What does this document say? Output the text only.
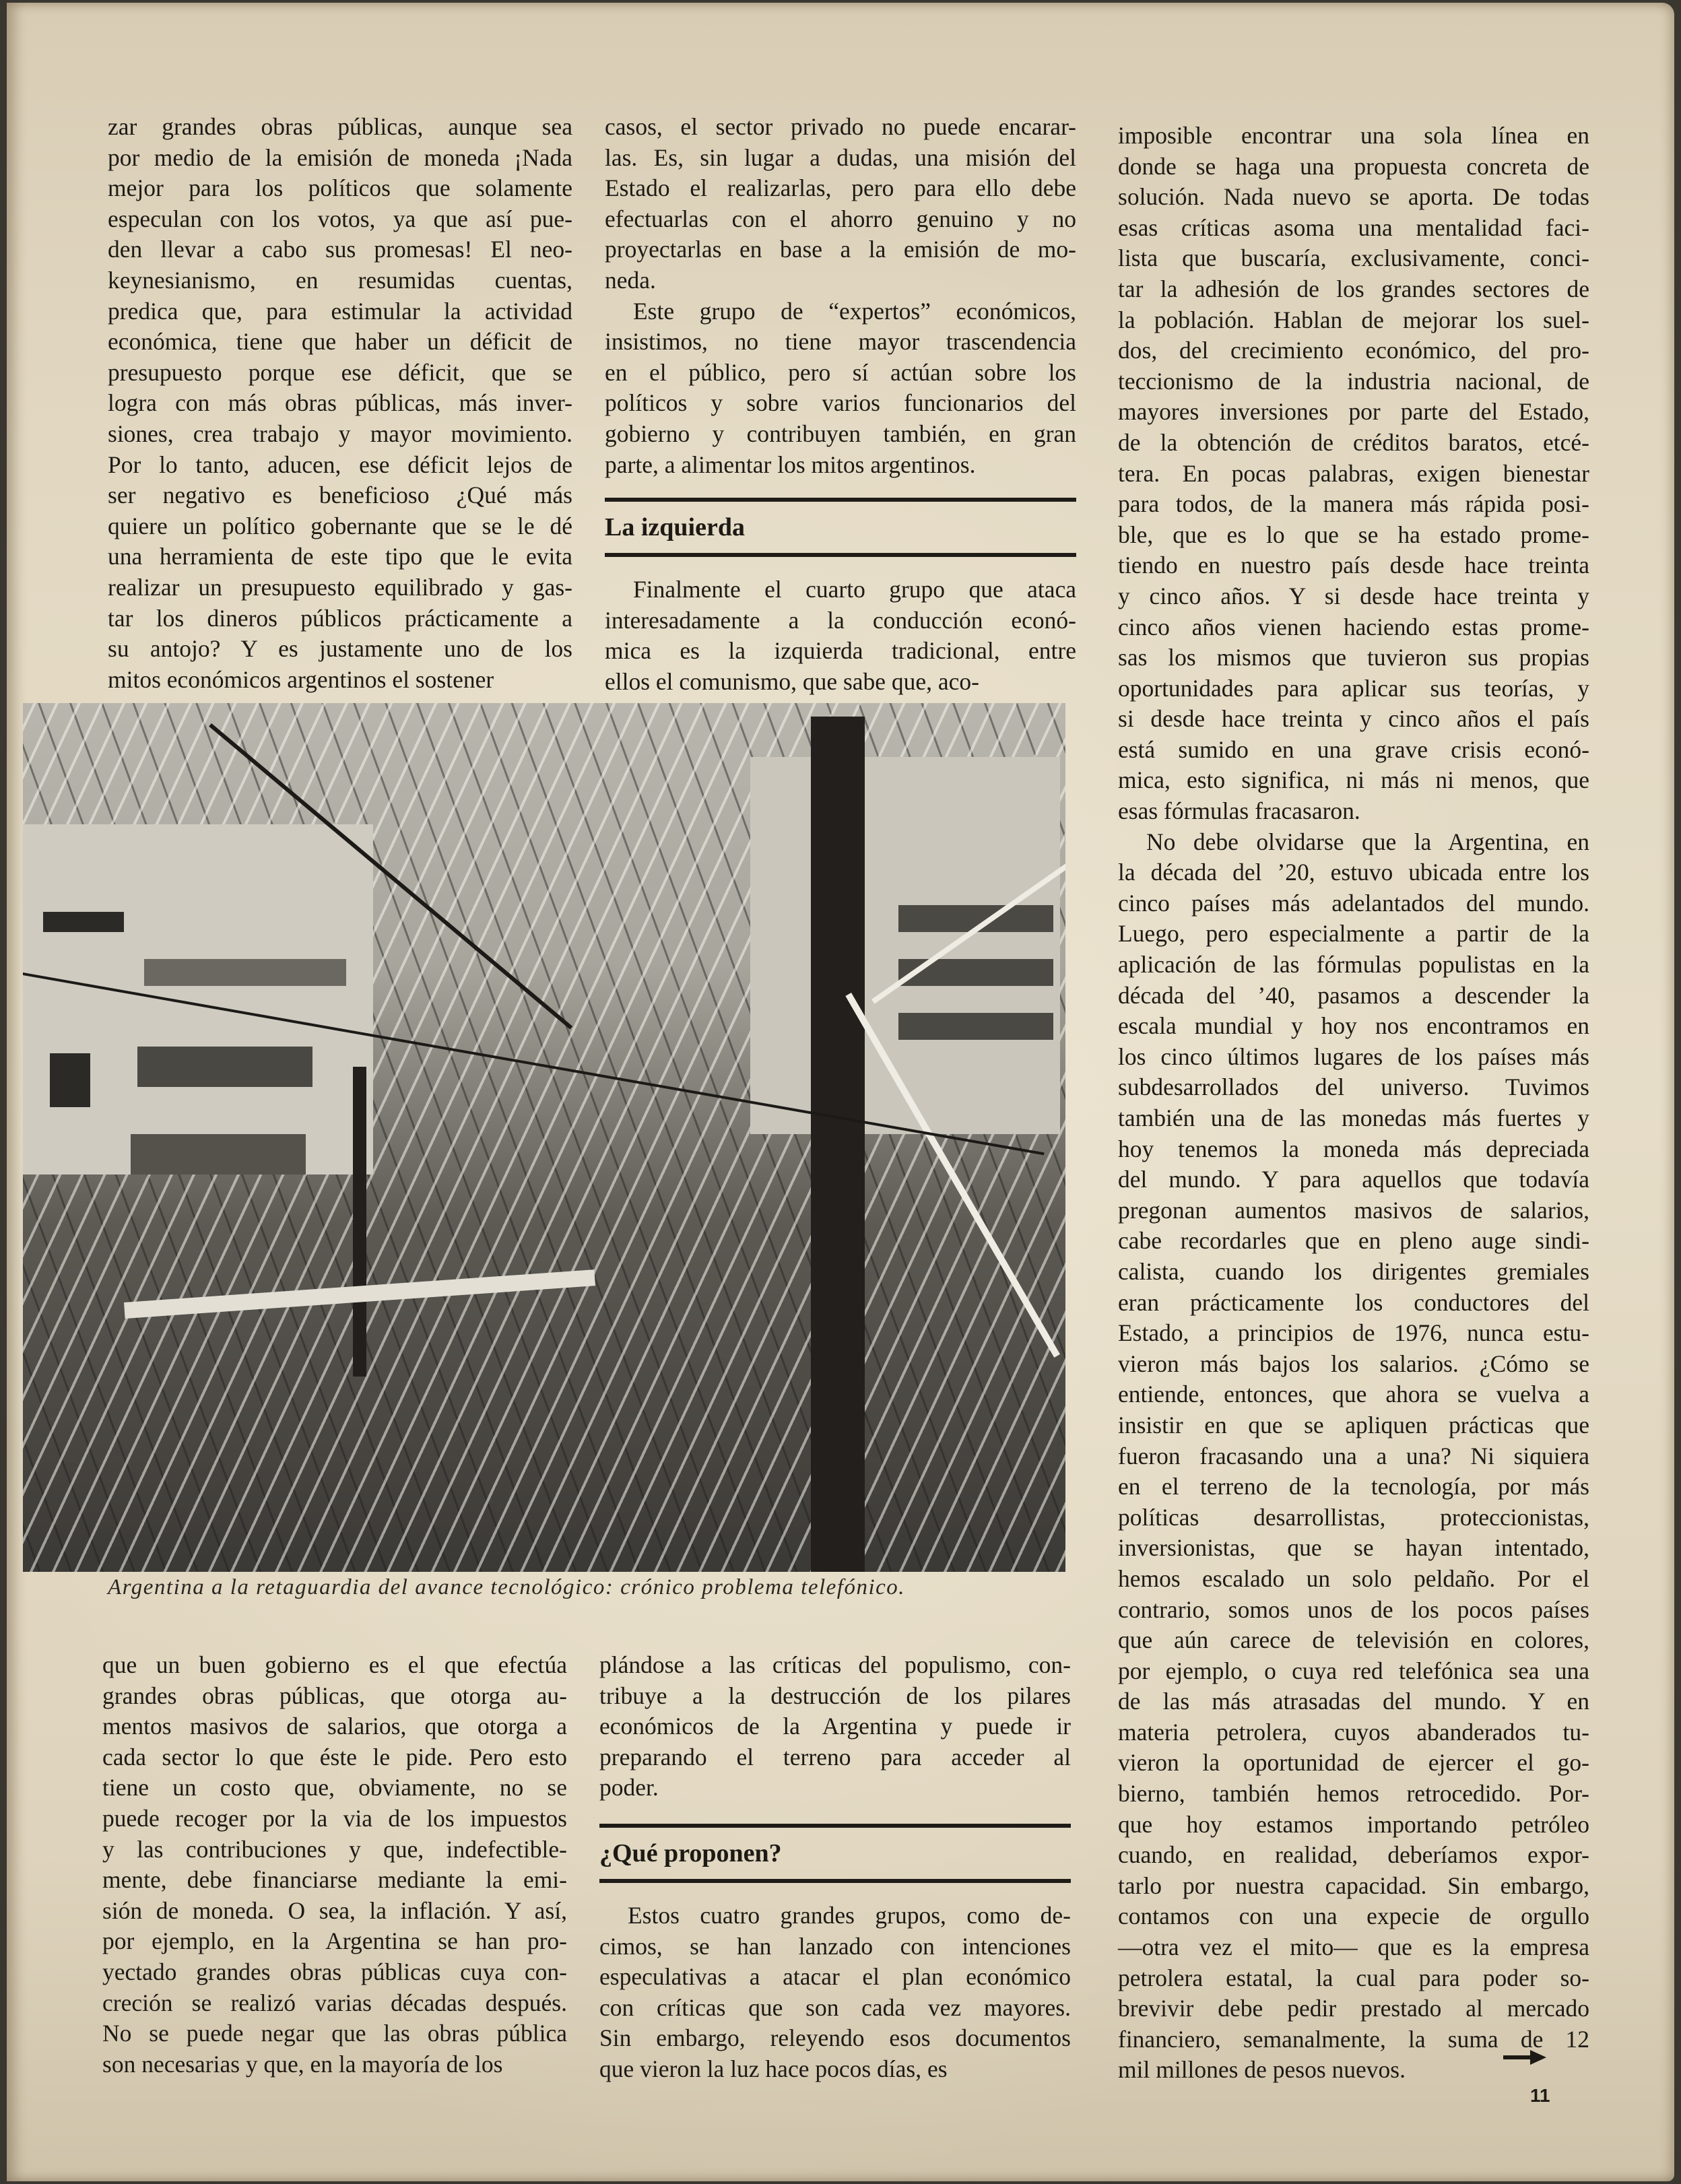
zar grandes obras públicas, aunque sea
por medio de la emisión de moneda ¡Nada
mejor para los políticos que solamente
especulan con los votos, ya que así pue-
den llevar a cabo sus promesas! El neo-
keynesianismo, en resumidas cuentas,
predica que, para estimular la actividad
económica, tiene que haber un déficit de
presupuesto porque ese déficit, que se
logra con más obras públicas, más inver-
siones, crea trabajo y mayor movimiento.
Por lo tanto, aducen, ese déficit lejos de
ser negativo es beneficioso ¿Qué más
quiere un político gobernante que se le dé
una herramienta de este tipo que le evita
realizar un presupuesto equilibrado y gas-
tar los dineros públicos prácticamente a
su antojo? Y es justamente uno de los
mitos económicos argentinos el sostener

casos, el sector privado no puede encarar-
las. Es, sin lugar a dudas, una misión del
Estado el realizarlas, pero para ello debe
efectuarlas con el ahorro genuino y no
proyectarlas en base a la emisión de mo-
neda.

Este grupo de “expertos” económicos,
insistimos, no tiene mayor trascendencia
en el público, pero sí actúan sobre los
políticos y sobre varios funcionarios del
gobierno y contribuyen también, en gran
parte, a alimentar los mitos argentinos.

La izquierda

Finalmente el cuarto grupo que ataca
interesadamente a la conducción econó-
mica es la izquierda tradicional, entre
ellos el comunismo, que sabe que, aco-

imposible encontrar una sola línea en
donde se haga una propuesta concreta de
solución. Nada nuevo se aporta. De todas
esas críticas asoma una mentalidad faci-
lista que buscaría, exclusivamente, conci-
tar la adhesión de los grandes sectores de
la población. Hablan de mejorar los suel-
dos, del crecimiento económico, del pro-
teccionismo de la industria nacional, de
mayores inversiones por parte del Estado,
de la obtención de créditos baratos, etcé-
tera. En pocas palabras, exigen bienestar
para todos, de la manera más rápida posi-
ble, que es lo que se ha estado prome-
tiendo en nuestro país desde hace treinta
y cinco años. Y si desde hace treinta y
cinco años vienen haciendo estas prome-
sas los mismos que tuvieron sus propias
oportunidades para aplicar sus teorías, y
si desde hace treinta y cinco años el país
está sumido en una grave crisis econó-
mica, esto significa, ni más ni menos, que
esas fórmulas fracasaron.

No debe olvidarse que la Argentina, en
la década del ’20, estuvo ubicada entre los
cinco países más adelantados del mundo.
Luego, pero especialmente a partir de la
aplicación de las fórmulas populistas en la
década del ’40, pasamos a descender la
escala mundial y hoy nos encontramos en
los cinco últimos lugares de los países más
subdesarrollados del universo. Tuvimos
también una de las monedas más fuertes y
hoy tenemos la moneda más depreciada
del mundo. Y para aquellos que todavía
pregonan aumentos masivos de salarios,
cabe recordarles que en pleno auge sindi-
calista, cuando los dirigentes gremiales
eran prácticamente los conductores del
Estado, a principios de 1976, nunca estu-
vieron más bajos los salarios. ¿Cómo se
entiende, entonces, que ahora se vuelva a
insistir en que se apliquen prácticas que
fueron fracasando una a una? Ni siquiera
en el terreno de la tecnología, por más
políticas desarrollistas, proteccionistas,
inversionistas, que se hayan intentado,
hemos escalado un solo peldaño. Por el
contrario, somos unos de los pocos países
que aún carece de televisión en colores,
por ejemplo, o cuya red telefónica sea una
de las más atrasadas del mundo. Y en
materia petrolera, cuyos abanderados tu-
vieron la oportunidad de ejercer el go-
bierno, también hemos retrocedido. Por-
que hoy estamos importando petróleo
cuando, en realidad, deberíamos expor-
tarlo por nuestra capacidad. Sin embargo,
contamos con una expecie de orgullo
—otra vez el mito— que es la empresa
petrolera estatal, la cual para poder so-
brevivir debe pedir prestado al mercado
financiero, semanalmente, la suma de 12
mil millones de pesos nuevos.

Argentina a la retaguardia del avance tecnológico: crónico problema telefónico.

que un buen gobierno es el que efectúa
grandes obras públicas, que otorga au-
mentos masivos de salarios, que otorga a
cada sector lo que éste le pide. Pero esto
tiene un costo que, obviamente, no se
puede recoger por la via de los impuestos
y las contribuciones y que, indefectible-
mente, debe financiarse mediante la emi-
sión de moneda. O sea, la inflación. Y así,
por ejemplo, en la Argentina se han pro-
yectado grandes obras públicas cuya con-
creción se realizó varias décadas después.
No se puede negar que las obras pública
son necesarias y que, en la mayoría de los

plándose a las críticas del populismo, con-
tribuye a la destrucción de los pilares
económicos de la Argentina y puede ir
preparando el terreno para acceder al
poder.

¿Qué proponen?

Estos cuatro grandes grupos, como de-
cimos, se han lanzado con intenciones
especulativas a atacar el plan económico
con críticas que son cada vez mayores.
Sin embargo, releyendo esos documentos
que vieron la luz hace pocos días, es

11
